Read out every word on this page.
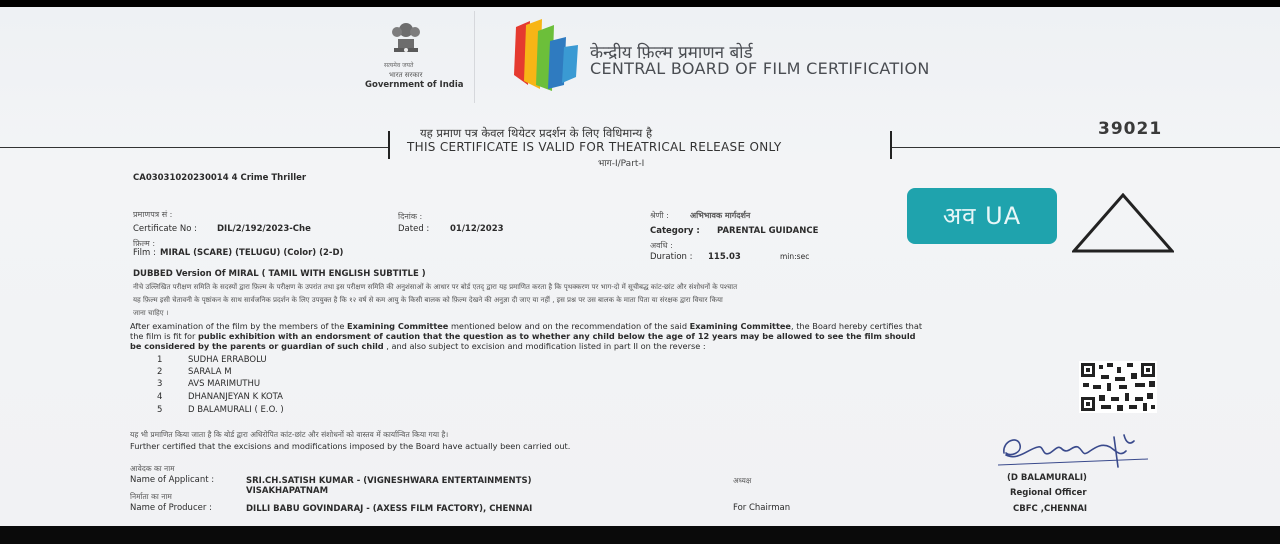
सत्यमेव जयते
भारत सरकार
Government of India
केन्द्रीय फ़िल्म प्रमाणन बोर्ड
CENTRAL BOARD OF FILM CERTIFICATION
यह प्रमाण पत्र केवल थियेटर प्रदर्शन के लिए विधिमान्य है
THIS CERTIFICATE IS VALID FOR THEATRICAL RELEASE ONLY
भाग-I/Part-I
39021
CA03031020230014 4 Crime Thriller
प्रमाणपत्र सं :
Certificate No : DIL/2/192/2023-Che
दिनांक :
Dated : 01/12/2023
श्रेणी :	अभिभावक मार्गदर्शन
Category : PARENTAL GUIDANCE
फ़िल्म :
Film : MIRAL (SCARE) (TELUGU) (Color) (2-D)
अवधि :
Duration : 115.03	min:sec
DUBBED Version Of MIRAL ( TAMIL WITH ENGLISH SUBTITLE )
अव UA
नीचे उल्लिखित परीक्षण समिति के सदस्यों द्वारा फ़िल्म के परीक्षण के उपरांत तथा इस परीक्षण समिति की अनुशंसाओं के आधार पर बोर्ड एतद् द्वारा यह प्रमाणित करता है कि पृथक्करण पर भाग-दो में सूचीबद्ध कांट-छांट और संशोधनों के पश्चात
यह फ़िल्म इसी चेतावनी के पृष्ठांकन के साथ सार्वजनिक प्रदर्शन के लिए उपयुक्त है कि १२ वर्ष से कम आयु के किसी बालक को फ़िल्म देखने की अनुज्ञा दी जाए या नहीं , इस प्रश्न पर उस बालक के माता पिता या संरक्षक द्वारा विचार किया
जाना चाहिए ।
After examination of the film by the members of the Examining Committee mentioned below and on the recommendation of the said Examining Committee, the Board hereby certifies that
the film is fit for public exhibition with an endorsment of caution that the question as to whether any child below the age of 12 years may be allowed to see the film should
be considered by the parents or guardian of such child , and also subject to excision and modification listed in part II on the reverse :
1	SUDHA ERRABOLU
2	SARALA M
3	AVS MARIMUTHU
4	DHANANJEYAN K KOTA
5	D BALAMURALI ( E.O. )
यह भी प्रमाणित किया जाता है कि बोर्ड द्वारा अधिरोपित कांट-छांट और संशोधनों को वास्तव में कार्यान्वित किया गया है।
Further certified that the excisions and modifications imposed by the Board have actually been carried out.
आवेदक का नाम
Name of Applicant :	SRI.CH.SATISH KUMAR - (VIGNESHWARA ENTERTAINMENTS)
VISAKHAPATNAM
निर्माता का नाम
Name of Producer :	DILLI BABU GOVINDARAJ - (AXESS FILM FACTORY), CHENNAI
अध्यक्ष
For Chairman
(D BALAMURALI)
Regional Officer
CBFC ,CHENNAI
